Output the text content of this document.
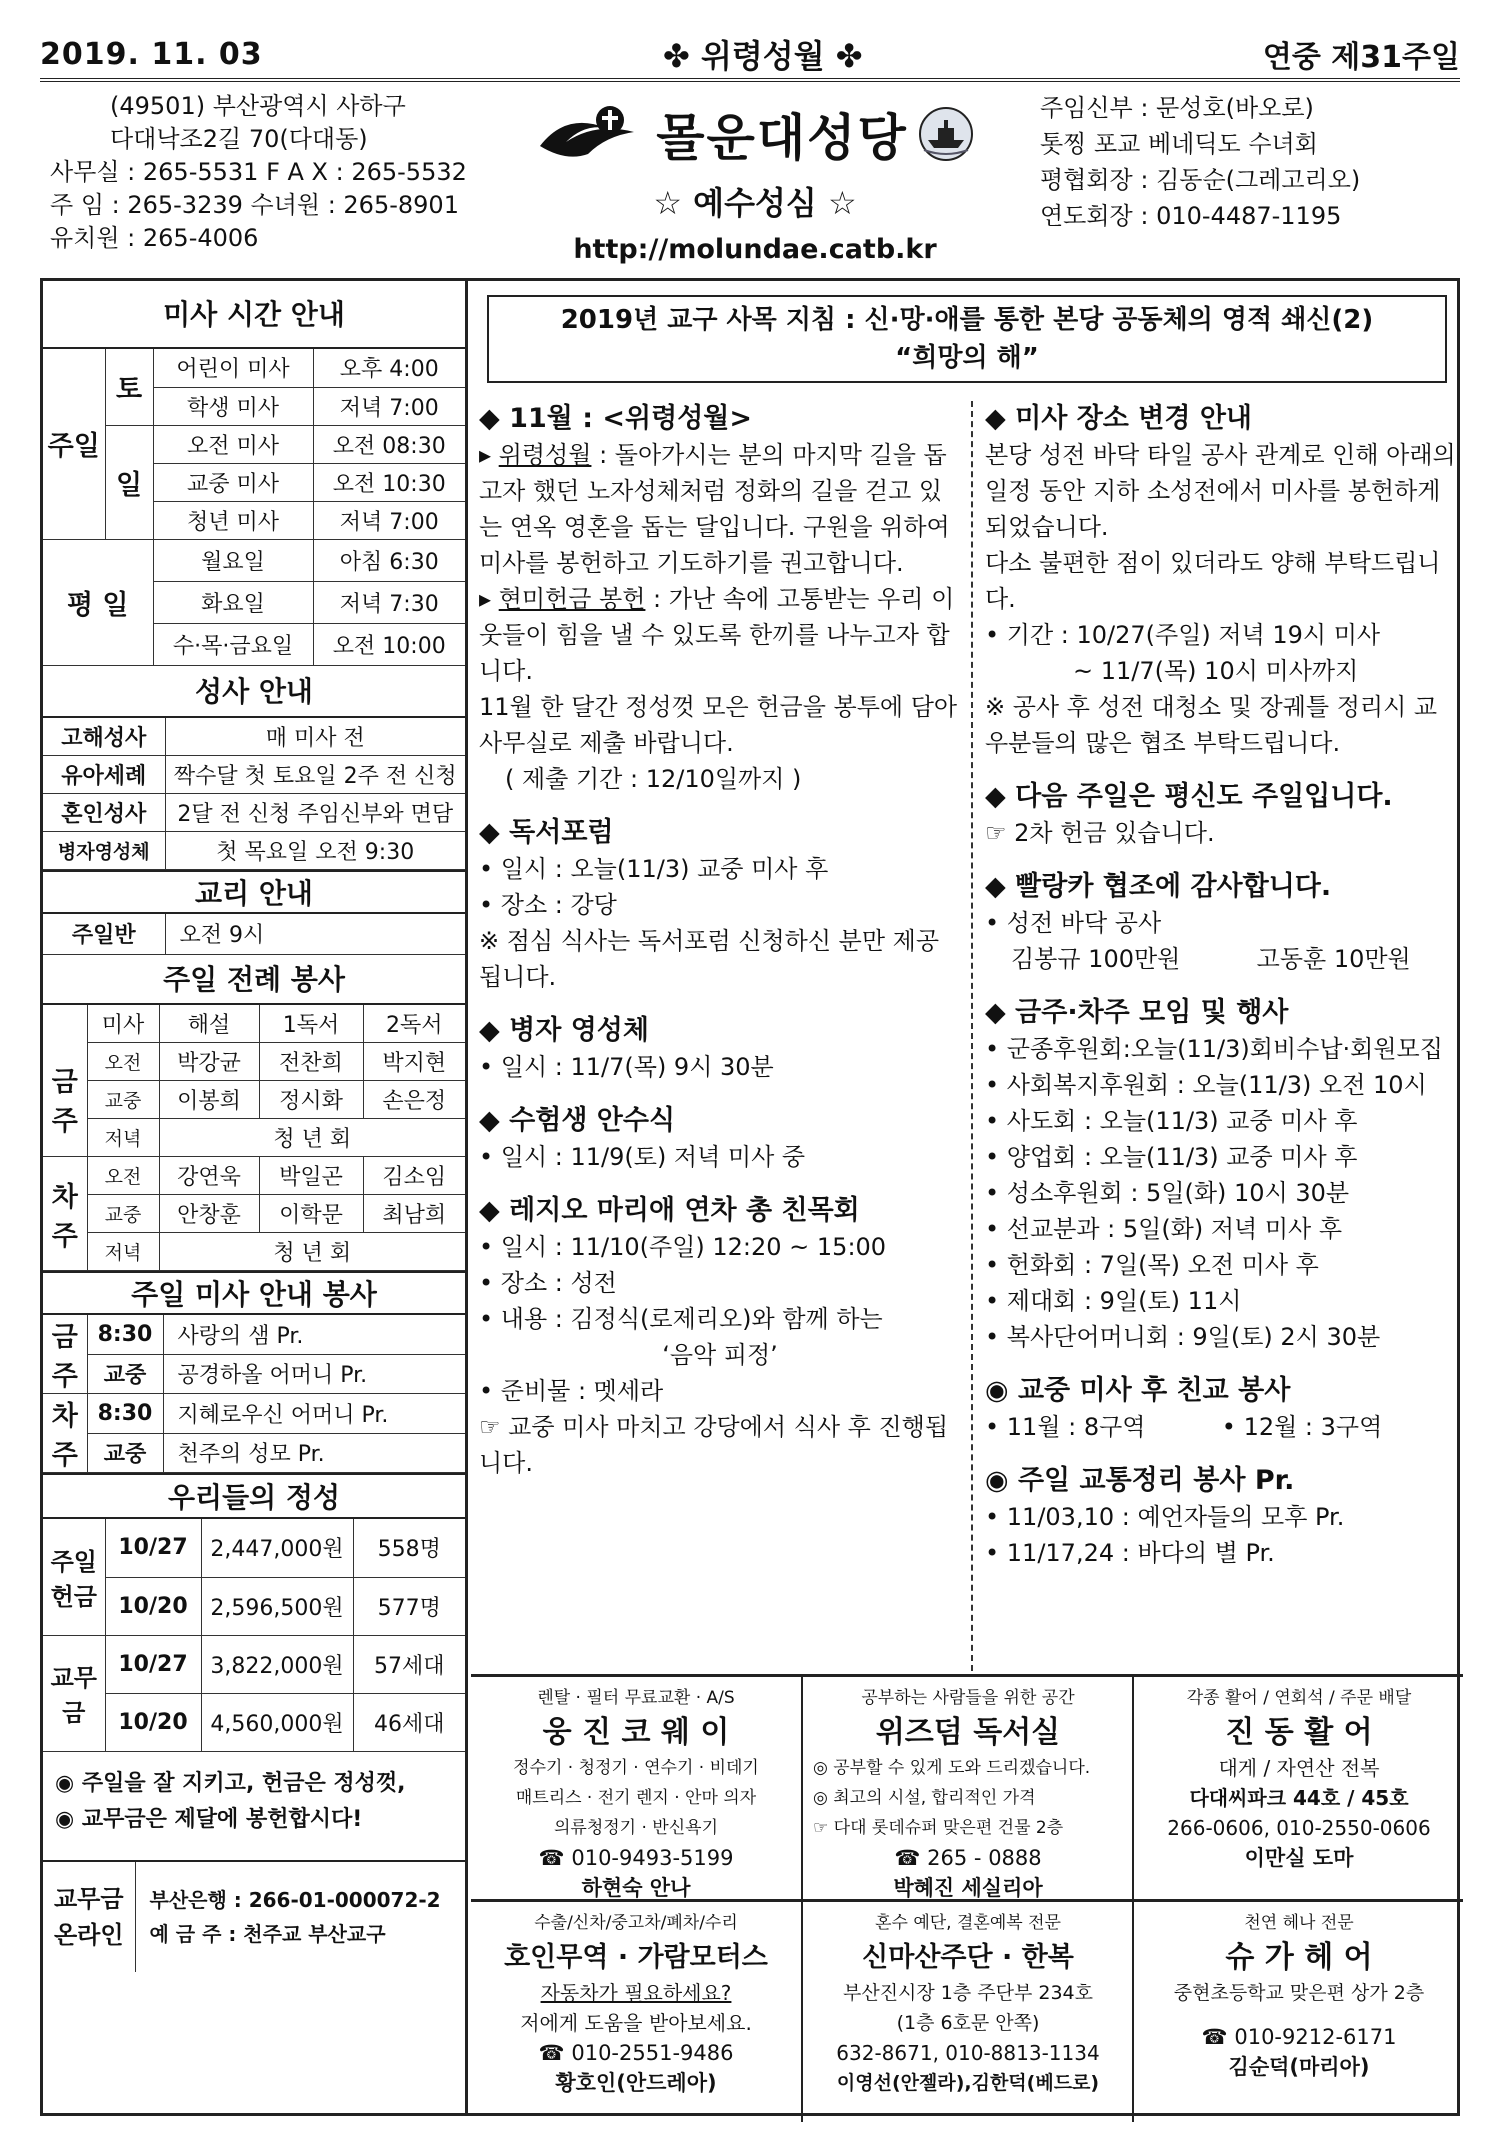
2019. 11. 03	✤ 위령성월 ✤	연중 제31주일
(49501) 부산광역시 사하구
다대낙조2길 70(다대동)
사무실 : 265-5531 F A X : 265-5532
주 임 : 265-3239 수녀원 : 265-8901
유치원 : 265-4006
몰운대성당
☆ 예수성심 ☆
http://molundae.catb.kr
주임신부 : 문성호(바오로)
톳찡 포교 베네딕도 수녀회
평협회장 : 김동순(그레고리오)
연도회장 : 010-4487-1195
미사 시간 안내
주일	토	어린이 미사	오후 4:00
		학생 미사	저녁 7:00
	일	오전 미사	오전 08:30
		교중 미사	오전 10:30
		청년 미사	저녁 7:00
평 일		월요일	아침 6:30
		화요일	저녁 7:30
		수·목·금요일	오전 10:00
성사 안내
고해성사	매 미사 전
유아세례	짝수달 첫 토요일 2주 전 신청
혼인성사	2달 전 신청 주임신부와 면담
병자영성체	첫 목요일 오전 9:30
교리 안내
주일반	오전 9시
주일 전례 봉사
	미사	해설	1독서	2독서
금주	오전	박강균	전찬희	박지현
	교중	이봉희	정시화	손은정
	저녁	청 년 회		
차주	오전	강연욱	박일곤	김소임
	교중	안창훈	이학문	최남희
	저녁	청 년 회		
주일 미사 안내 봉사
금주	8:30	사랑의 샘 Pr.
	교중	공경하올 어머니 Pr.
차주	8:30	지혜로우신 어머니 Pr.
	교중	천주의 성모 Pr.
우리들의 정성
주일헌금	10/27	2,447,000원	558명
	10/20	2,596,500원	577명
교무금	10/27	3,822,000원	57세대
	10/20	4,560,000원	46세대
◉ 주일을 잘 지키고, 헌금은 정성껏,
◉ 교무금은 제달에 봉헌합시다!
교무금 온라인	
부산은행 : 266-01-000072-2
예 금 주 : 천주교 부산교구
2019년 교구 사목 지침 : 신·망·애를 통한 본당 공동체의 영적 쇄신(2)
“희망의 해”
◆ 11월 : <위령성월>
▸ 위령성월 : 돌아가시는 분의 마지막 길을 돕고자 했던 노자성체처럼 정화의 길을 걷고 있는 연옥 영혼을 돕는 달입니다. 구원을 위하여 미사를 봉헌하고 기도하기를 권고합니다.
▸ 현미헌금 봉헌 : 가난 속에 고통받는 우리 이웃들이 힘을 낼 수 있도록 한끼를 나누고자 합니다.
11월 한 달간 정성껏 모은 헌금을 봉투에 담아 사무실로 제출 바랍니다.
( 제출 기간 : 12/10일까지 )
◆ 독서포럼
• 일시 : 오늘(11/3) 교중 미사 후
• 장소 : 강당
※ 점심 식사는 독서포럼 신청하신 분만 제공됩니다.
◆ 병자 영성체
• 일시 : 11/7(목) 9시 30분
◆ 수험생 안수식
• 일시 : 11/9(토) 저녁 미사 중
◆ 레지오 마리애 연차 총 친목회
• 일시 : 11/10(주일) 12:20 ~ 15:00
• 장소 : 성전
• 내용 : 김정식(로제리오)와 함께 하는
‘음악 피정’
• 준비물 : 멧세라
☞ 교중 미사 마치고 강당에서 식사 후 진행됩니다.
◆ 미사 장소 변경 안내
본당 성전 바닥 타일 공사 관계로 인해 아래의 일정 동안 지하 소성전에서 미사를 봉헌하게 되었습니다.
다소 불편한 점이 있더라도 양해 부탁드립니다.
• 기간 : 10/27(주일) 저녁 19시 미사
~ 11/7(목) 10시 미사까지
※ 공사 후 성전 대청소 및 장궤틀 정리시 교우분들의 많은 협조 부탁드립니다.
◆ 다음 주일은 평신도 주일입니다.
☞ 2차 헌금 있습니다.
◆ 빨랑카 협조에 감사합니다.
• 성전 바닥 공사
김봉규 100만원          고동훈 10만원
◆ 금주·차주 모임 및 행사
• 군종후원회:오늘(11/3)회비수납·회원모집
• 사회복지후원회 : 오늘(11/3) 오전 10시
• 사도회 : 오늘(11/3) 교중 미사 후
• 양업회 : 오늘(11/3) 교중 미사 후
• 성소후원회 : 5일(화) 10시 30분
• 선교분과 : 5일(화) 저녁 미사 후
• 헌화회 : 7일(목) 오전 미사 후
• 제대회 : 9일(토) 11시
• 복사단어머니회 : 9일(토) 2시 30분
◉ 교중 미사 후 친교 봉사
• 11월 : 8구역          • 12월 : 3구역
◉ 주일 교통정리 봉사 Pr.
• 11/03,10 : 예언자들의 모후 Pr.
• 11/17,24 : 바다의 별 Pr.
렌탈 · 필터 무료교환 · A/S
웅 진 코 웨 이
정수기 · 청정기 · 연수기 · 비데기
매트리스 · 전기 렌지 · 안마 의자
의류청정기 · 반신욕기
☎ 010-9493-5199
하현숙 안나
공부하는 사람들을 위한 공간
위즈덤 독서실
◎ 공부할 수 있게 도와 드리겠습니다.
◎ 최고의 시설, 합리적인 가격
☞ 다대 롯데슈퍼 맞은편 건물 2층
☎ 265 - 0888
박혜진 세실리아
각종 활어 / 연회석 / 주문 배달
진 동 활 어
대게 / 자연산 전복
다대씨파크 44호 / 45호
266-0606, 010-2550-0606
이만실 도마
수출/신차/중고차/폐차/수리
호인무역 · 가람모터스
자동차가 필요하세요?
저에게 도움을 받아보세요.
☎ 010-2551-9486
황호인(안드레아)
혼수 예단, 결혼예복 전문
신마산주단 · 한복
부산진시장 1층 주단부 234호
(1층 6호문 안쪽)
632-8671, 010-8813-1134
이영선(안젤라),김한덕(베드로)
천연 헤나 전문
슈 가 헤 어
중현초등학교 맞은편 상가 2층
☎ 010-9212-6171
김순덕(마리아)
